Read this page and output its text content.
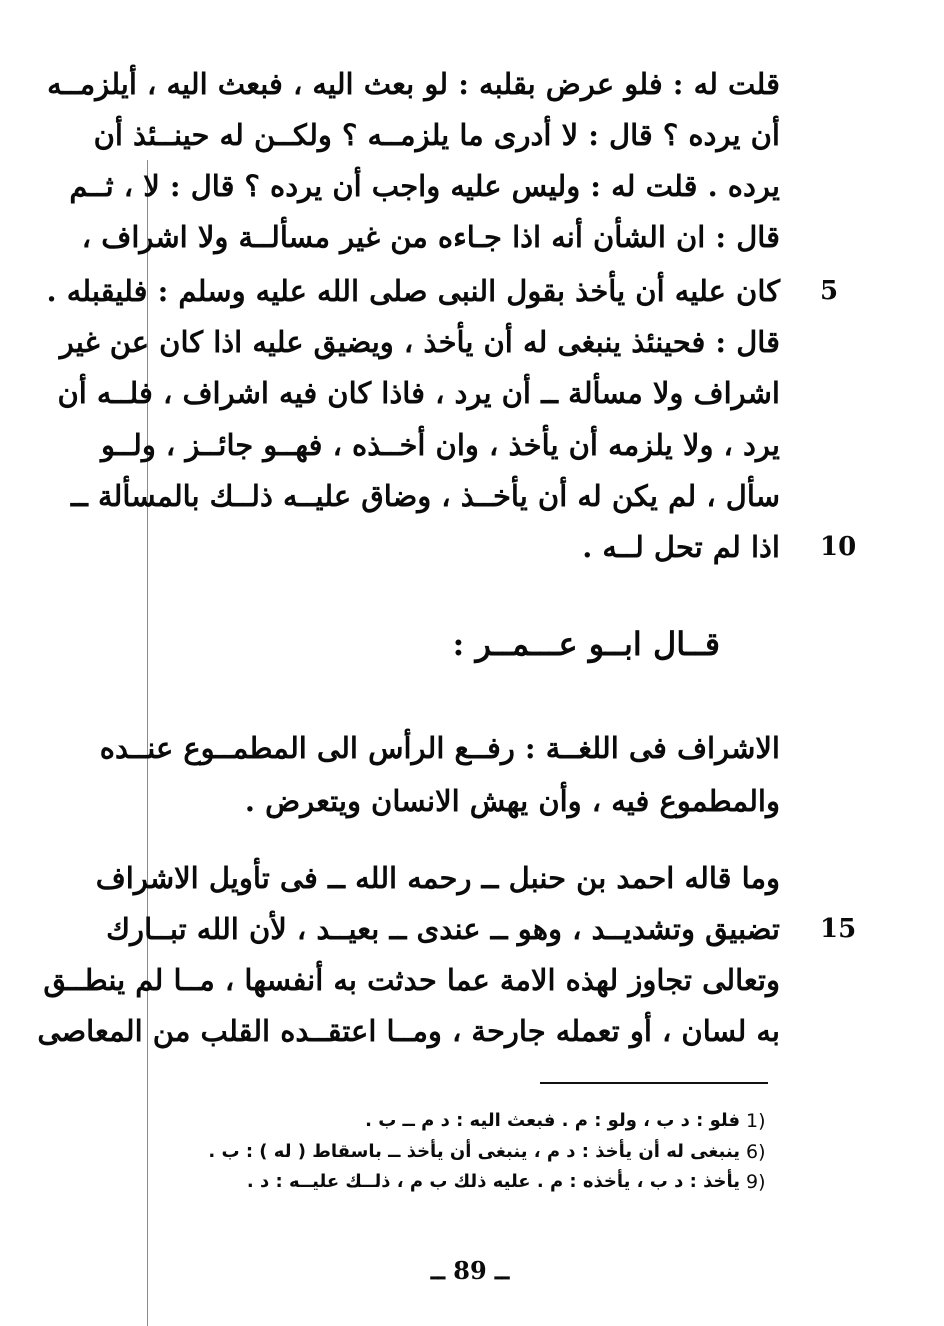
قلت له : فلو عرض بقلبه : لو بعث اليه ، فبعث اليه ، أيلزمــه
أن يرده ؟ قال : لا أدرى ما يلزمــه ؟ ولكــن له حينــئذ أن
يرده . قلت له : وليس عليه واجب أن يرده ؟ قال : لا ، ثــم
قال : ان الشأن أنه اذا جـاءه من غير مسألــة ولا اشراف ،
كان عليه أن يأخذ بقول النبى صلى الله عليه وسلم : فليقبله . 5
قال : فحينئذ ينبغى له أن يأخذ ، ويضيق عليه اذا كان عن غير
اشراف ولا مسألة ــ أن يرد ، فاذا كان فيه اشراف ، فلــه أن
يرد ، ولا يلزمه أن يأخذ ، وان أخــذه ، فهــو جائــز ، ولــو
سأل ، لم يكن له أن يأخــذ ، وضاق عليــه ذلــك بالمسألة ــ
اذا لم تحل لــه . 10
قــال ابــو عـــمــر :
الاشراف فى اللغــة : رفــع الرأس الى المطمــوع عنــده
والمطموع فيه ، وأن يهش الانسان ويتعرض .
وما قاله احمد بن حنبل ــ رحمه الله ــ فى تأويل الاشراف
تضبيق وتشديــد ، وهو ــ عندى ــ بعيــد ، لأن الله تبــارك 15
وتعالى تجاوز لهذه الامة عما حدثت به أنفسها ، مــا لم ينطــق
به لسان ، أو تعمله جارحة ، ومــا اعتقــده القلب من المعاصى
1)
فلو : د ب ، ولو : م . فبعث اليه : د م ــ ب .
6)
ينبغى له أن يأخذ : د م ، ينبغى أن يأخذ ــ باسقاط ( له ) : ب .
9)
يأخذ : د ب ، يأخذه : م . عليه ذلك ب م ، ذلــك عليــه : د .
ــ 89 ــ
